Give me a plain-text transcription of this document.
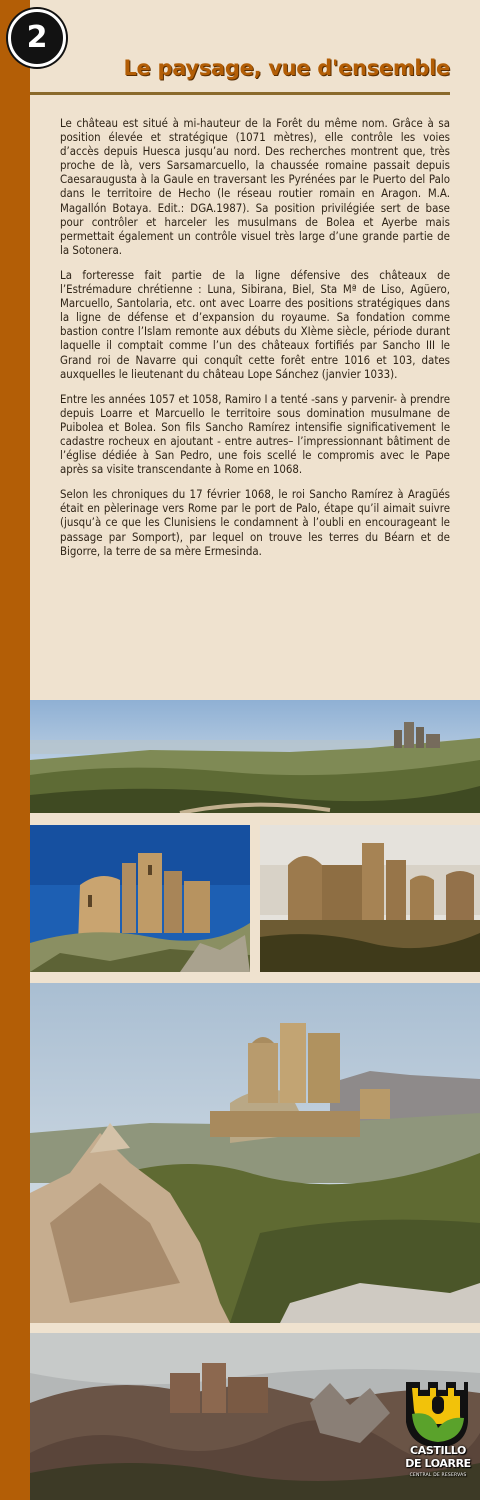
2
Le paysage, vue d'ensemble

Le château est situé à mi-hauteur de la Forêt du même nom. Grâce à sa position élevée et stratégique (1071 mètres), elle contrôle les voies d’accès depuis Huesca jusqu’au nord. Des recherches montrent que, très proche de là, vers Sarsamarcuello, la chaussée romaine passait depuis Caesaraugusta à la Gaule en traversant les Pyrénées par le Puerto del Palo dans le territoire de Hecho (le réseau routier romain en Aragon. M.A. Magallón Botaya. Edit.: DGA.1987). Sa position privilégiée sert de base pour contrôler et harceler les musulmans de Bolea et Ayerbe mais permettait également un contrôle visuel très large d’une grande partie de la Sotonera.

La forteresse fait partie de la ligne défensive des châteaux de l’Estrémadure chrétienne : Luna, Sibirana, Biel, Sta Mª de Liso, Agüero, Marcuello, Santolaria, etc. ont avec Loarre des positions stratégiques dans la ligne de défense et d’expansion du royaume. Sa fondation comme bastion contre l’Islam remonte aux débuts du XIème siècle, période durant laquelle il comptait comme l’un des châteaux fortifiés par Sancho III le Grand roi de Navarre qui conquît cette forêt entre 1016 et 103, dates auxquelles le lieutenant du château Lope Sánchez (janvier 1033).

Entre les années 1057 et 1058, Ramiro I a tenté -sans y parvenir- à prendre depuis Loarre et Marcuello le territoire sous domination musulmane de Puibolea et Bolea. Son fils Sancho Ramírez intensifie significativement le cadastre rocheux en ajoutant - entre autres– l’impressionnant bâtiment de l’église dédiée à San Pedro, une fois scellé le compromis avec le Pape après sa visite transcendante à Rome en 1068.

Selon les chroniques du 17 février 1068, le roi Sancho Ramírez à Aragüés était en pèlerinage vers Rome par le port de Palo, étape qu’il aimait suivre (jusqu’à ce que les Clunisiens le condamnent à l’oubli en encourageant le passage par Somport), par lequel on trouve les terres du Béarn et de Bigorre, la terre de sa mère Ermesinda.

CASTILLO
DE LOARRE
CENTRAL DE RESERVAS
